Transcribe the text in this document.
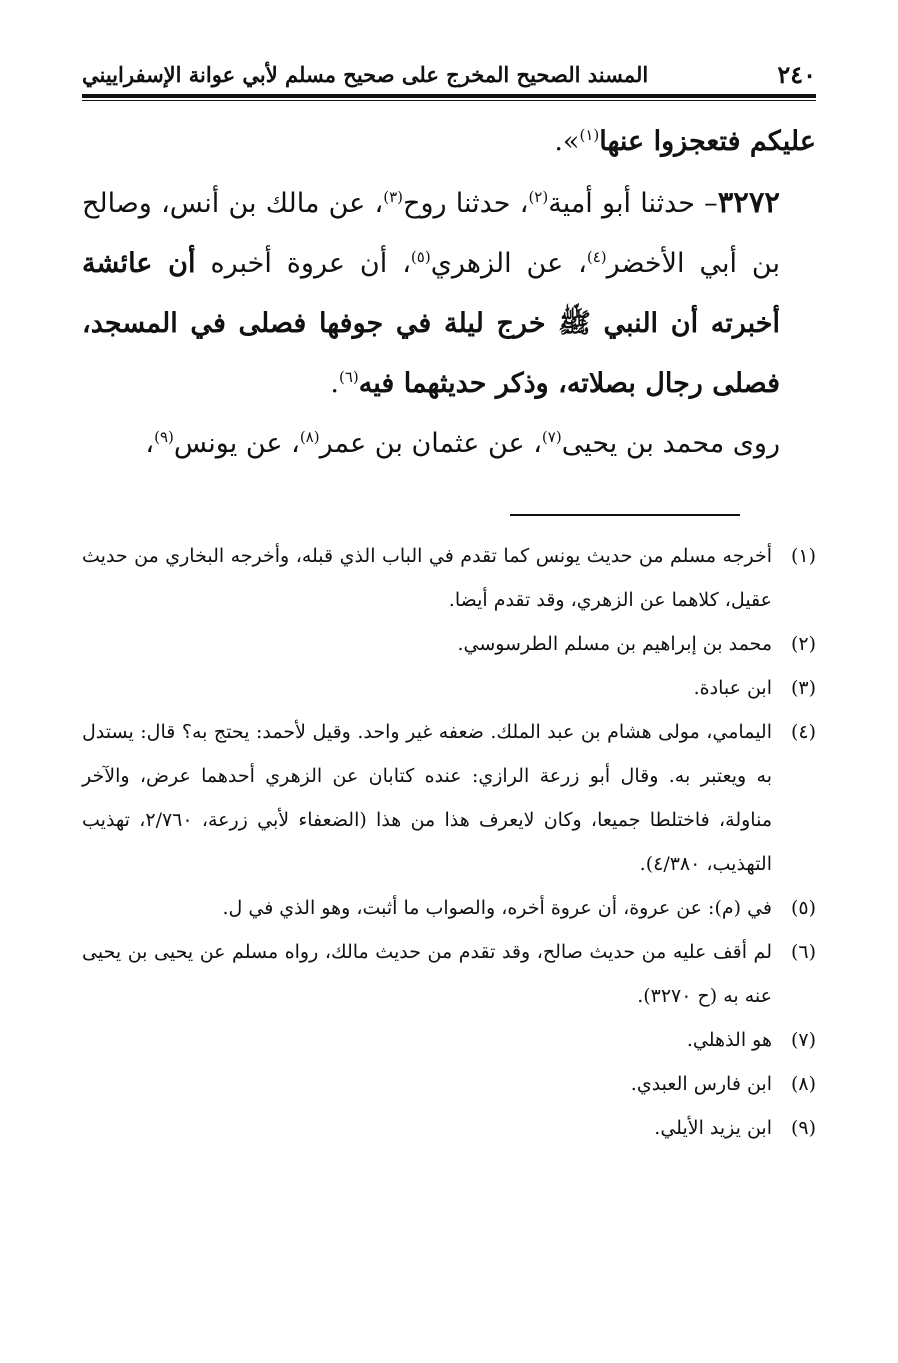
٢٤٠
المسند الصحيح المخرج على صحيح مسلم لأبي عوانة الإسفراييني

عليكم فتعجزوا عنها$^{(١)}$».

٣٢٧٢– حدثنا أبو أمية$^{(٢)}$، حدثنا روح$^{(٣)}$، عن مالك بن أنس، وصالح بن أبي الأخضر$^{(٤)}$، عن الزهري$^{(٥)}$، أن عروة أخبره أن عائشة أخبرته أن النبي ﷺ خرج ليلة في جوفها فصلى في المسجد، فصلى رجال بصلاته، وذكر حديثهما فيه$^{(٦)}$.

روى محمد بن يحيى$^{(٧)}$، عن عثمان بن عمر$^{(٨)}$، عن يونس$^{(٩)}$،

(١)
أخرجه مسلم من حديث يونس كما تقدم في الباب الذي قبله، وأخرجه البخاري من حديث عقيل، كلاهما عن الزهري، وقد تقدم أيضا.
(٢)
محمد بن إبراهيم بن مسلم الطرسوسي.
(٣)
ابن عبادة.
(٤)
اليمامي، مولى هشام بن عبد الملك. ضعفه غير واحد. وقيل لأحمد: يحتج به؟ قال: يستدل به ويعتبر به. وقال أبو زرعة الرازي: عنده كتابان عن الزهري أحدهما عرض، والآخر مناولة، فاختلطا جميعا، وكان لايعرف هذا من هذا (الضعفاء لأبي زرعة، ٢/٧٦٠، تهذيب التهذيب، ٤/٣٨٠).
(٥)
في (م): عن عروة، أن عروة أخره، والصواب ما أثبت، وهو الذي في ل.
(٦)
لم أقف عليه من حديث صالح، وقد تقدم من حديث مالك، رواه مسلم عن يحيى بن يحيى عنه به (ح ٣٢٧٠).
(٧)
هو الذهلي.
(٨)
ابن فارس العبدي.
(٩)
ابن يزيد الأيلي.
